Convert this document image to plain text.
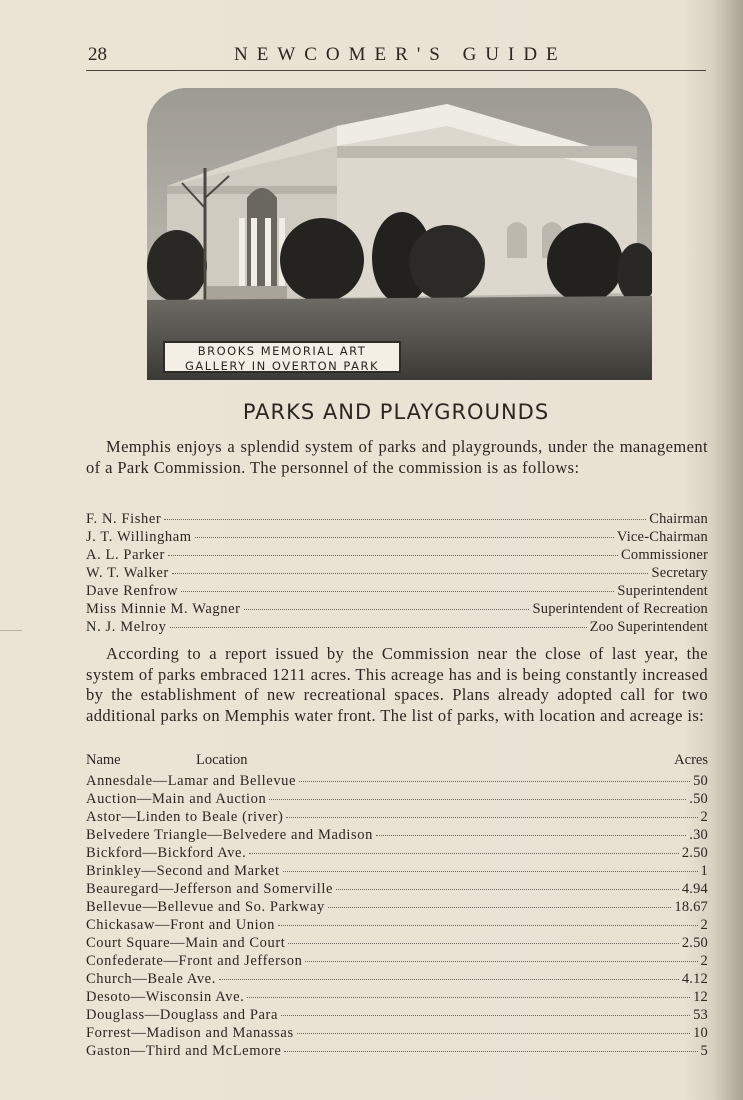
28	NEWCOMER'S GUIDE
BROOKS MEMORIAL ART
GALLERY IN OVERTON PARK
PARKS AND PLAYGROUNDS

Memphis enjoys a splendid system of parks and playgrounds, under the management of a Park Commission. The personnel of the commission is as follows:

F. N. Fisher	Chairman
J. T. Willingham	Vice-Chairman
A. L. Parker	Commissioner
W. T. Walker	Secretary
Dave Renfrow	Superintendent
Miss Minnie M. Wagner	Superintendent of Recreation
N. J. Melroy	Zoo Superintendent

According to a report issued by the Commission near the close of last year, the system of parks embraced 1211 acres. This acreage has and is being constantly increased by the establishment of new recreational spaces. Plans already adopted call for two additional parks on Memphis water front. The list of parks, with location and acreage is:

Name	Location	Acres
Annesdale—Lamar and Bellevue	50
Auction—Main and Auction	.50
Astor—Linden to Beale (river)	2
Belvedere Triangle—Belvedere and Madison	.30
Bickford—Bickford Ave.	2.50
Brinkley—Second and Market	1
Beauregard—Jefferson and Somerville	4.94
Bellevue—Bellevue and So. Parkway	18.67
Chickasaw—Front and Union	2
Court Square—Main and Court	2.50
Confederate—Front and Jefferson	2
Church—Beale Ave.	4.12
Desoto—Wisconsin Ave.	12
Douglass—Douglass and Para	53
Forrest—Madison and Manassas	10
Gaston—Third and McLemore	5
